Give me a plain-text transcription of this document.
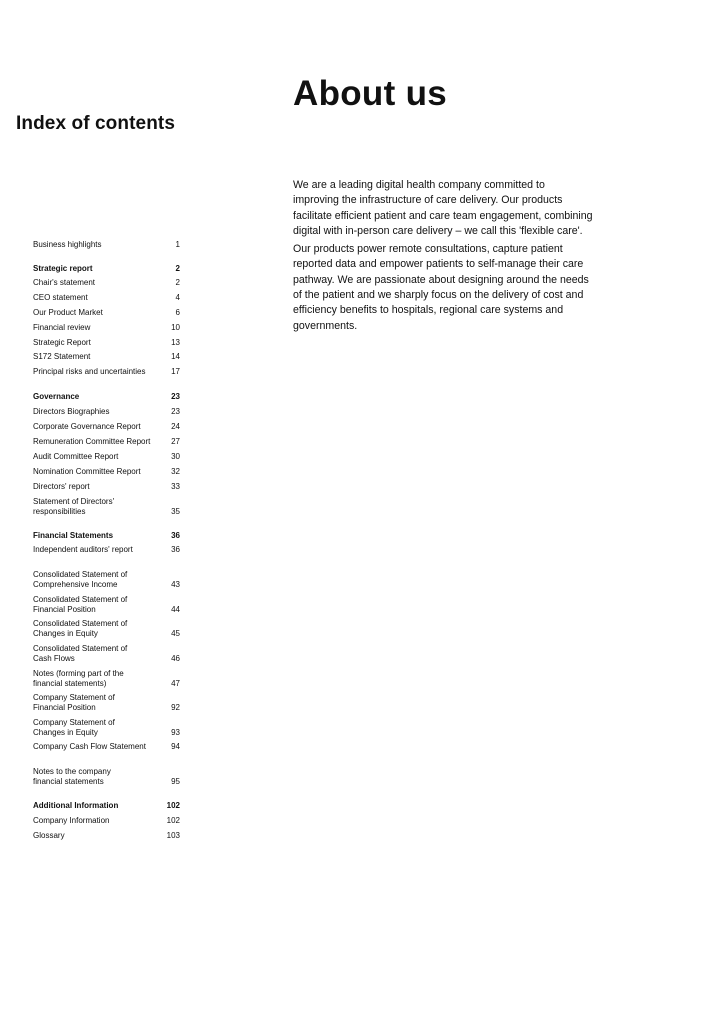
Index of contents
About us

We are a leading digital health company committed to improving the infrastructure of care delivery. Our products facilitate efficient patient and care team engagement, combining digital with in-person care delivery – we call this 'flexible care'.

Our products power remote consultations, capture patient reported data and empower patients to self-manage their care pathway. We are passionate about designing around the needs of the patient and we sharply focus on the delivery of cost and efficiency benefits to hospitals, regional care systems and governments.

Business highlights	1
Strategic report	2
Chair's statement	2
CEO statement	4
Our Product Market	6
Financial review	10
Strategic Report	13
S172 Statement	14
Principal risks and uncertainties	17
Governance	23
Directors Biographies	23
Corporate Governance Report	24
Remuneration Committee Report	27
Audit Committee Report	30
Nomination Committee Report	32
Directors' report	33
Statement of Directors'
responsibilities	35
Financial Statements	36
Independent auditors' report	36
Consolidated Statement of
Comprehensive Income	43
Consolidated Statement of
Financial Position	44
Consolidated Statement of
Changes in Equity	45
Consolidated Statement of
Cash Flows	46
Notes (forming part of the
financial statements)	47
Company Statement of
Financial Position	92
Company Statement of
Changes in Equity	93
Company Cash Flow Statement	94
Notes to the company
financial statements	95
Additional Information	102
Company Information	102
Glossary	103
